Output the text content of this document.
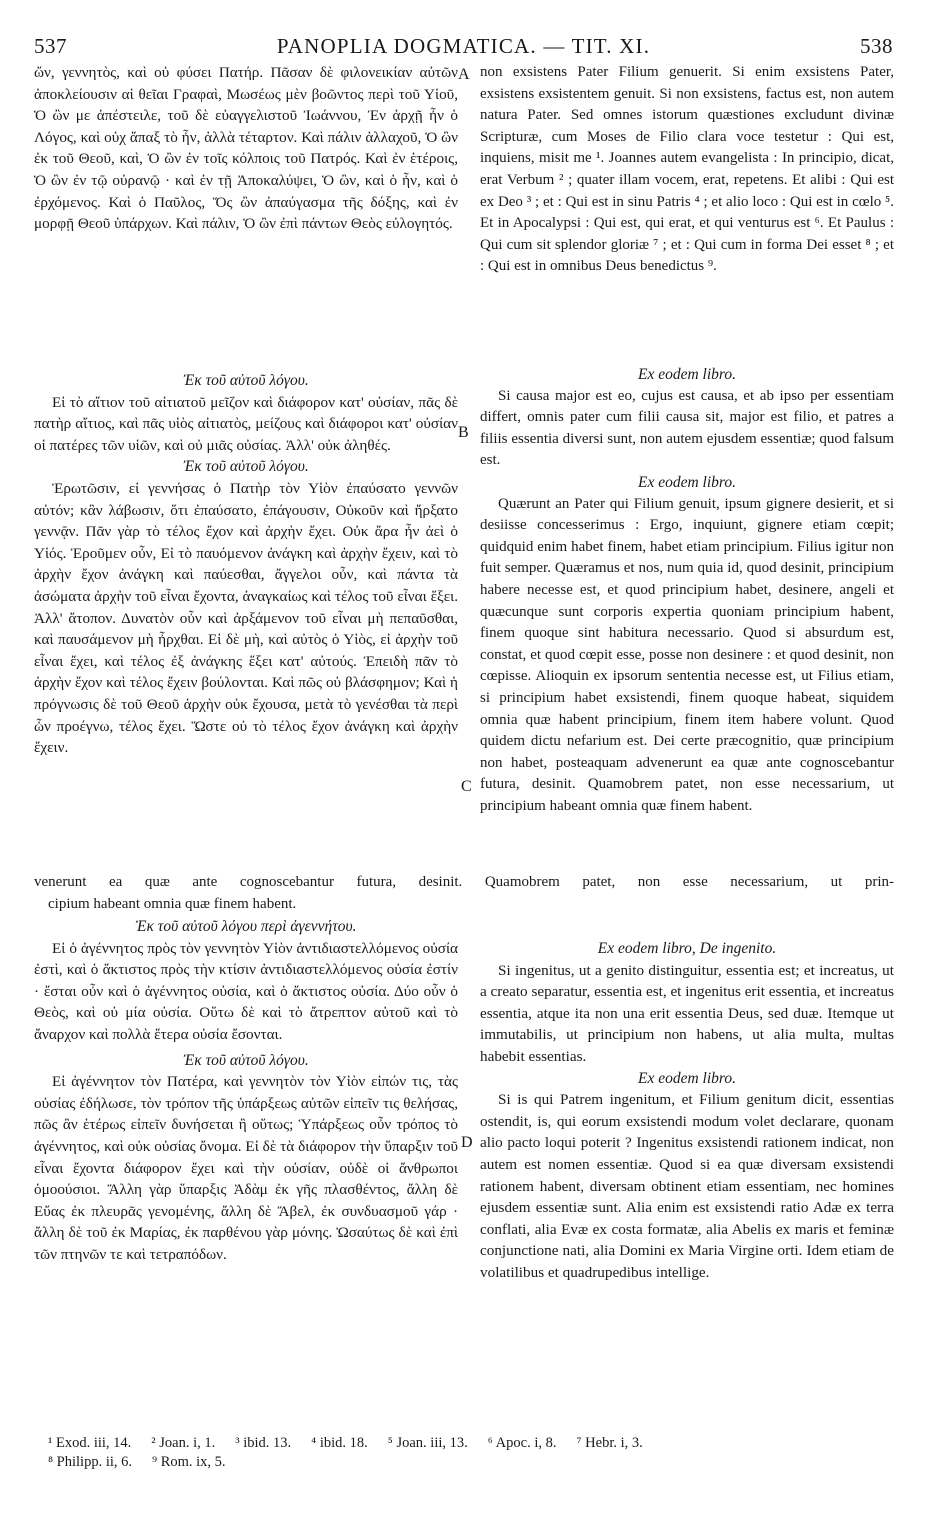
537	PANOPLIA DOGMATICA. — TIT. XI.	538
A
B
C
D

ὤν, γεννητὸς, καὶ οὐ φύσει Πατήρ. Πᾶσαν δὲ φιλονεικίαν αὐτῶν ἀποκλείουσιν αἱ θεῖαι Γραφαὶ, Μωσέως μὲν βοῶντος περὶ τοῦ Υἱοῦ, Ὁ ὢν με ἀπέστειλε, τοῦ δὲ εὐαγγελιστοῦ Ἰωάννου, Ἐν ἀρχῇ ἦν ὁ Λόγος, καὶ οὐχ ἅπαξ τὸ ἦν, ἀλλὰ τέταρτον. Καὶ πάλιν ἀλλαχοῦ, Ὁ ὢν ἐκ τοῦ Θεοῦ, καὶ, Ὁ ὢν ἐν τοῖς κόλποις τοῦ Πατρός. Καὶ ἐν ἑτέροις, Ὁ ὢν ἐν τῷ οὐρανῷ · καὶ ἐν τῇ Ἀποκαλύψει, Ὁ ὢν, καὶ ὁ ἦν, καὶ ὁ ἐρχόμενος. Καὶ ὁ Παῦλος, Ὅς ὢν ἀπαύγασμα τῆς δόξης, καὶ ἐν μορφῇ Θεοῦ ὑπάρχων. Καὶ πάλιν, Ὁ ὢν ἐπὶ πάντων Θεὸς εὐλογητός.

Ἐκ τοῦ αὐτοῦ λόγου.

Εἰ τὸ αἴτιον τοῦ αἰτιατοῦ μεῖζον καὶ διάφορον κατ' οὐσίαν, πᾶς δὲ πατὴρ αἴτιος, καὶ πᾶς υἱὸς αἰτιατὸς, μείζους καὶ διάφοροι κατ' οὐσίαν οἱ πατέρες τῶν υἱῶν, καὶ οὐ μιᾶς οὐσίας. Ἀλλ' οὐκ ἀληθές.

Ἐκ τοῦ αὐτοῦ λόγου.

Ἐρωτῶσιν, εἰ γεννήσας ὁ Πατὴρ τὸν Υἱὸν ἐπαύσατο γεννῶν αὐτόν; κἂν λάβωσιν, ὅτι ἐπαύσατο, ἐπάγουσιν, Οὐκοῦν καὶ ἤρξατο γεννᾷν. Πᾶν γὰρ τὸ τέλος ἔχον καὶ ἀρχὴν ἔχει. Οὐκ ἄρα ἦν ἀεὶ ὁ Υἱός. Ἐροῦμεν οὖν, Εἰ τὸ παυόμενον ἀνάγκη καὶ ἀρχὴν ἔχειν, καὶ τὸ ἀρχὴν ἔχον ἀνάγκη καὶ παύεσθαι, ἄγγελοι οὖν, καὶ πάντα τὰ ἀσώματα ἀρχὴν τοῦ εἶναι ἔχοντα, ἀναγκαίως καὶ τέλος τοῦ εἶναι ἕξει. Ἀλλ' ἄτοπον. Δυνατὸν οὖν καὶ ἀρξάμενον τοῦ εἶναι μὴ πεπαῦσθαι, καὶ παυσάμενον μὴ ἦρχθαι. Εἰ δὲ μὴ, καὶ αὐτὸς ὁ Υἱὸς, εἰ ἀρχὴν τοῦ εἶναι ἔχει, καὶ τέλος ἐξ ἀνάγκης ἕξει κατ' αὐτούς. Ἐπειδὴ πᾶν τὸ ἀρχὴν ἔχον καὶ τέλος ἔχειν βούλονται. Καὶ πῶς οὐ βλάσφημον; Καὶ ἡ πρόγνωσις δὲ τοῦ Θεοῦ ἀρχὴν οὐκ ἔχουσα, μετὰ τὸ γενέσθαι τὰ περὶ ὧν προέγνω, τέλος ἔχει. Ὥστε οὐ τὸ τέλος ἔχον ἀνάγκη καὶ ἀρχὴν ἔχειν.

non exsistens Pater Filium genuerit. Si enim exsistens Pater, exsistens exsistentem genuit. Si non exsistens, factus est, non autem natura Pater. Sed omnes istorum quæstiones excludunt divinæ Scripturæ, cum Moses de Filio clara voce testetur : Qui est, inquiens, misit me ¹. Joannes autem evangelista : In principio, dicat, erat Verbum ² ; quater illam vocem, erat, repetens. Et alibi : Qui est ex Deo ³ ; et : Qui est in sinu Patris ⁴ ; et alio loco : Qui est in cœlo ⁵. Et in Apocalypsi : Qui est, qui erat, et qui venturus est ⁶. Et Paulus : Qui cum sit splendor gloriæ ⁷ ; et : Qui cum in forma Dei esset ⁸ ; et : Qui est in omnibus Deus benedictus ⁹.

Ex eodem libro.

Si causa major est eo, cujus est causa, et ab ipso per essentiam differt, omnis pater cum filii causa sit, major est filio, et patres a filiis essentia diversi sunt, non autem ejusdem essentiæ; quod falsum est.

Ex eodem libro.

Quærunt an Pater qui Filium genuit, ipsum gignere desierit, et si desiisse concesserimus : Ergo, inquiunt, gignere etiam cœpit; quidquid enim habet finem, habet etiam principium. Filius igitur non fuit semper. Quæramus et nos, num quia id, quod desinit, principium habere necesse est, et quod principium habet, desinere, angeli et quæcunque sunt corporis expertia quoniam principium habent, finem quoque sint habitura necessario. Quod si absurdum est, constat, et quod cœpit esse, posse non desinere : et quod desinit, non cœpisse. Alioquin ex ipsorum sententia necesse est, ut Filius etiam, si principium habet exsistendi, finem quoque habeat, siquidem omnia quæ habent principium, finem item habere volunt. Quod quidem dictu nefarium est. Dei certe præcognitio, quæ principium non habet, posteaquam advenerunt ea quæ ante cognoscebantur futura, desinit. Quamobrem patet, non esse necessarium, ut principium habeant omnia quæ finem habent.

venerunt ea quæ ante cognoscebantur futura, desinit. Quamobrem patet, non esse necessarium, ut prin-
cipium habeant omnia quæ finem habent.
Ἐκ τοῦ αὐτοῦ λόγου περὶ ἀγεννήτου.

Εἰ ὁ ἀγέννητος πρὸς τὸν γεννητὸν Υἱὸν ἀντιδιαστελλόμενος οὐσία ἐστὶ, καὶ ὁ ἄκτιστος πρὸς τὴν κτίσιν ἀντιδιαστελλόμενος οὐσία ἐστίν · ἔσται οὖν καὶ ὁ ἀγέννητος οὐσία, καὶ ὁ ἄκτιστος οὐσία. Δύο οὖν ὁ Θεὸς, καὶ οὐ μία οὐσία. Οὕτω δὲ καὶ τὸ ἄτρεπτον αὐτοῦ καὶ τὸ ἄναρχον καὶ πολλὰ ἕτερα οὐσία ἔσονται.

Ἐκ τοῦ αὐτοῦ λόγου.

Εἰ ἀγέννητον τὸν Πατέρα, καὶ γεννητὸν τὸν Υἱὸν εἰπών τις, τὰς οὐσίας ἐδήλωσε, τὸν τρόπον τῆς ὑπάρξεως αὐτῶν εἰπεῖν τις θελήσας, πῶς ἂν ἑτέρως εἰπεῖν δυνήσεται ἢ οὕτως; Ὑπάρξεως οὖν τρόπος τὸ ἀγέννητος, καὶ οὐκ οὐσίας ὄνομα. Εἰ δὲ τὰ διάφορον τὴν ὕπαρξιν τοῦ εἶναι ἔχοντα διάφορον ἔχει καὶ τὴν οὐσίαν, οὐδὲ οἱ ἄνθρωποι ὁμοούσιοι. Ἄλλη γὰρ ὕπαρξις Ἀδὰμ ἐκ γῆς πλασθέντος, ἄλλη δὲ Εὔας ἐκ πλευρᾶς γενομένης, ἄλλη δὲ Ἄβελ, ἐκ συνδυασμοῦ γάρ · ἄλλη δὲ τοῦ ἐκ Μαρίας, ἐκ παρθένου γὰρ μόνης. Ὡσαύτως δὲ καὶ ἐπὶ τῶν πτηνῶν τε καὶ τετραπόδων.

Ex eodem libro, De ingenito.

Si ingenitus, ut a genito distinguitur, essentia est; et increatus, ut a creato separatur, essentia est, et ingenitus erit essentia, et increatus essentia, atque ita non una erit essentia Deus, sed duæ. Itemque ut immutabilis, ut principium non habens, ut alia multa, multas habebit essentias.

Ex eodem libro.

Si is qui Patrem ingenitum, et Filium genitum dicit, essentias ostendit, is, qui eorum exsistendi modum volet declarare, quonam alio pacto loqui poterit ? Ingenitus exsistendi rationem indicat, non autem est nomen essentiæ. Quod si ea quæ diversam exsistendi rationem habent, diversam obtinent etiam essentiam, nec homines ejusdem essentiæ sunt. Alia enim est exsistendi ratio Adæ ex terra conflati, alia Evæ ex costa formatæ, alia Abelis ex maris et feminæ conjunctione nati, alia Domini ex Maria Virgine orti. Idem etiam de volatilibus et quadrupedibus intellige.

¹ Exod. iii, 14. ² Joan. i, 1. ³ ibid. 13. ⁴ ibid. 18. ⁵ Joan. iii, 13. ⁶ Apoc. i, 8. ⁷ Hebr. i, 3.
⁸ Philipp. ii, 6. ⁹ Rom. ix, 5.
